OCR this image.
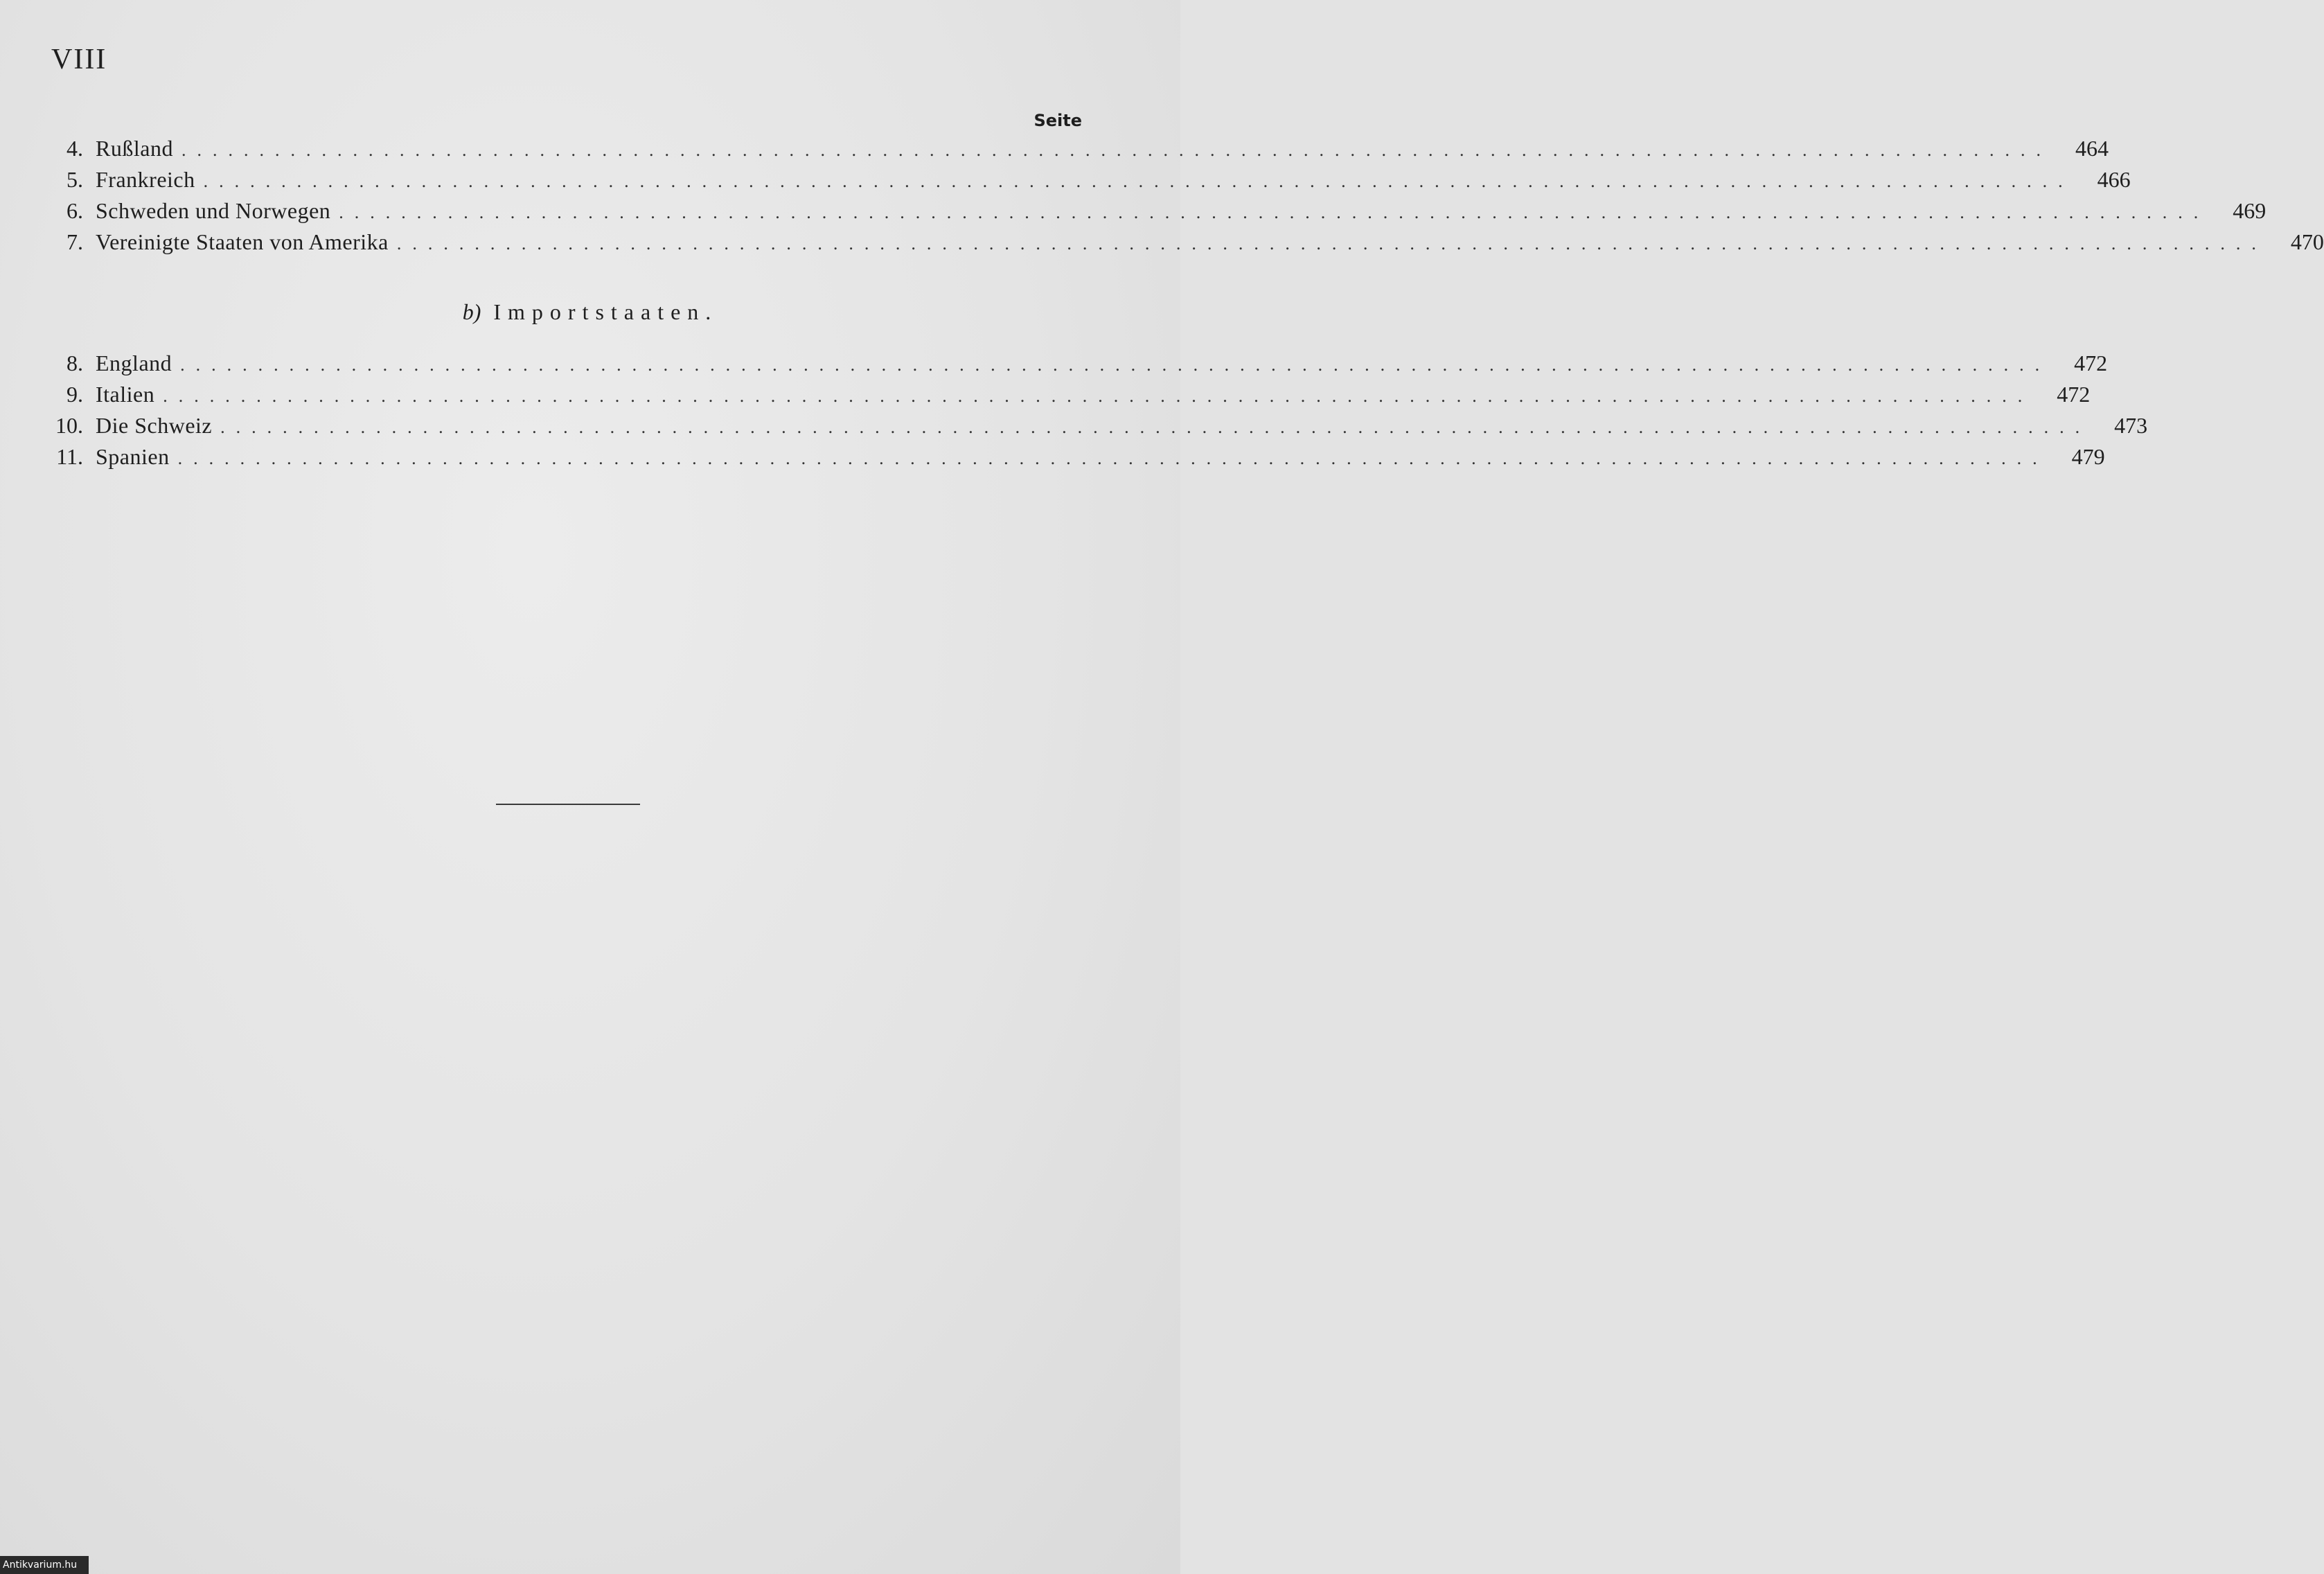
VIII
Seite
4. Rußland ........................................................................................................................	464
5. Frankreich ........................................................................................................................	466
6. Schweden und Norwegen ........................................................................................................................	469
7. Vereinigte Staaten von Amerika ........................................................................................................................	470
b) Importstaaten.
8. England ........................................................................................................................	472
9. Italien ........................................................................................................................	472
10. Die Schweiz ........................................................................................................................	473
11. Spanien ........................................................................................................................	479
Antikvarium.hu
